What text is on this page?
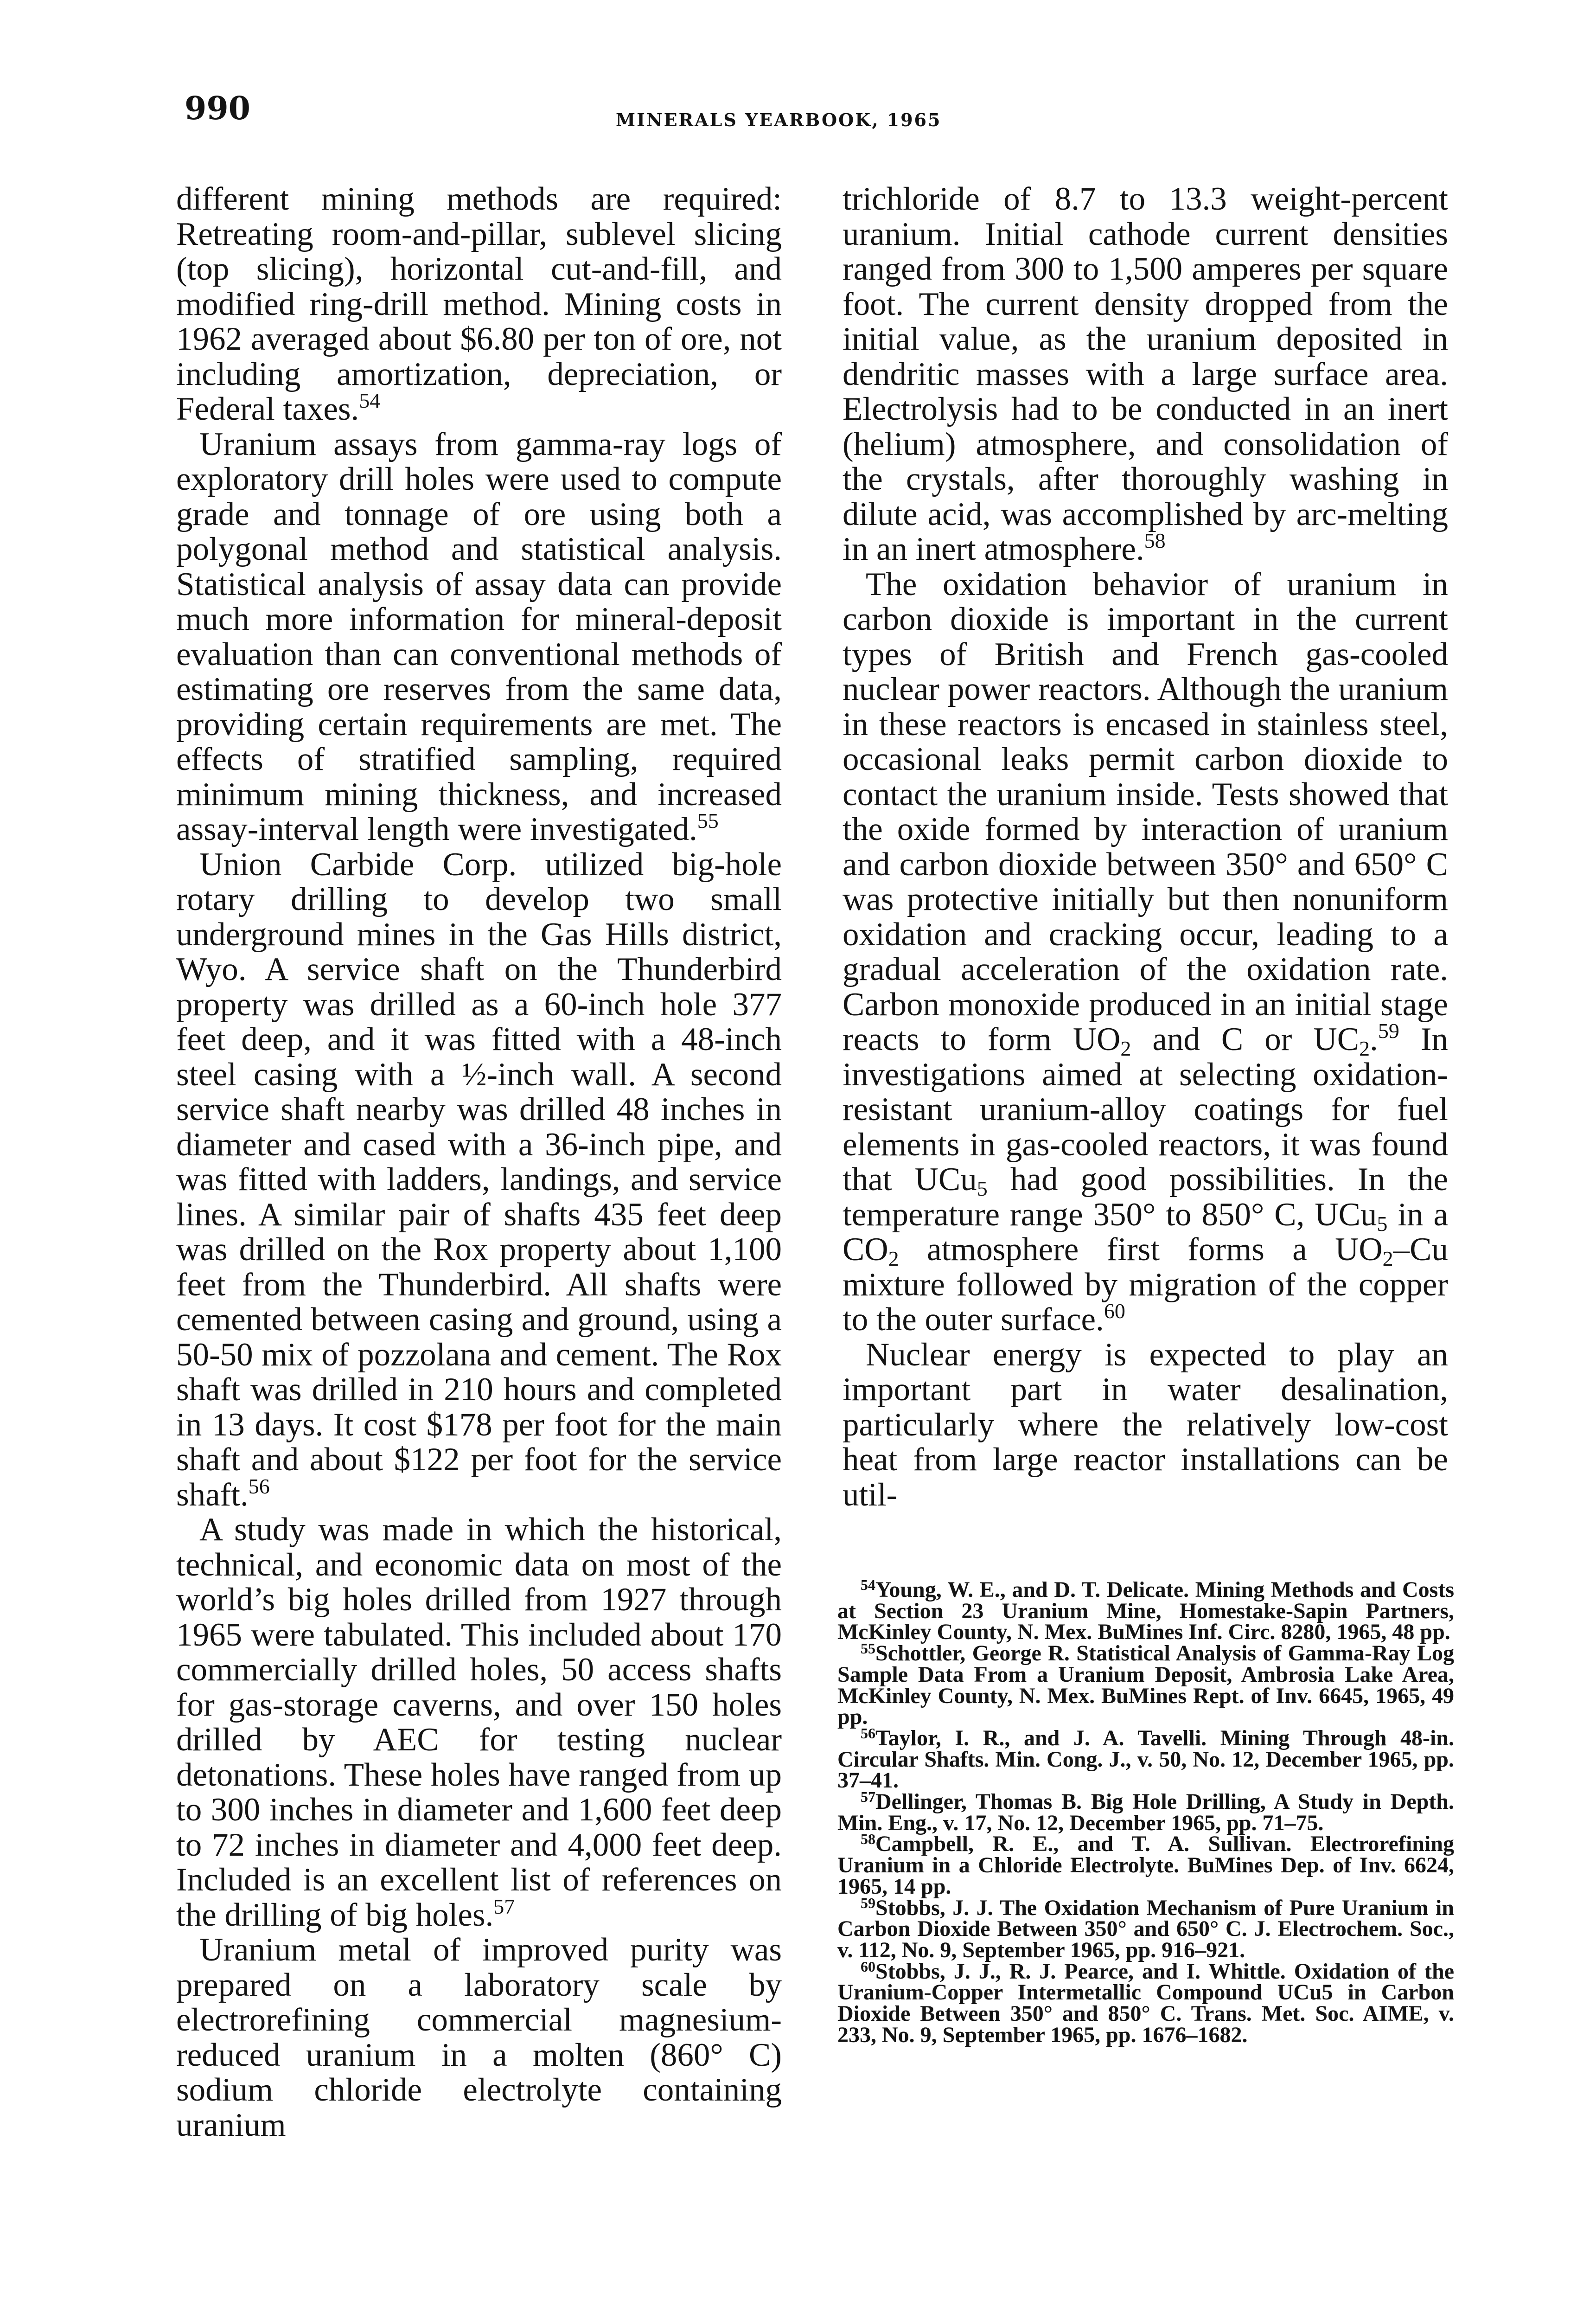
990	MINERALS YEARBOOK, 1965

different mining methods are required: Retreating room-and-pillar, sublevel slicing (top slicing), horizontal cut-and-fill, and modified ring-drill method. Mining costs in 1962 averaged about $6.80 per ton of ore, not including amortization, depreciation, or Federal taxes.$^{54}$

Uranium assays from gamma-ray logs of exploratory drill holes were used to compute grade and tonnage of ore using both a polygonal method and statistical analysis. Statistical analysis of assay data can provide much more information for mineral-deposit evaluation than can conventional methods of estimating ore reserves from the same data, providing certain requirements are met. The effects of stratified sampling, required minimum mining thickness, and increased assay-interval length were investigated.$^{55}$

Union Carbide Corp. utilized big-hole rotary drilling to develop two small underground mines in the Gas Hills district, Wyo. A service shaft on the Thunderbird property was drilled as a 60-inch hole 377 feet deep, and it was fitted with a 48-inch steel casing with a ½-inch wall. A second service shaft nearby was drilled 48 inches in diameter and cased with a 36-inch pipe, and was fitted with ladders, landings, and service lines. A similar pair of shafts 435 feet deep was drilled on the Rox property about 1,100 feet from the Thunderbird. All shafts were cemented between casing and ground, using a 50-50 mix of pozzolana and cement. The Rox shaft was drilled in 210 hours and completed in 13 days. It cost $178 per foot for the main shaft and about $122 per foot for the service shaft.$^{56}$

A study was made in which the historical, technical, and economic data on most of the world’s big holes drilled from 1927 through 1965 were tabulated. This included about 170 commercially drilled holes, 50 access shafts for gas-storage caverns, and over 150 holes drilled by AEC for testing nuclear detonations. These holes have ranged from up to 300 inches in diameter and 1,600 feet deep to 72 inches in diameter and 4,000 feet deep. Included is an excellent list of references on the drilling of big holes.$^{57}$

Uranium metal of improved purity was prepared on a laboratory scale by electrorefining commercial magnesium-reduced uranium in a molten (860° C) sodium chloride electrolyte containing uranium

trichloride of 8.7 to 13.3 weight-percent uranium. Initial cathode current densities ranged from 300 to 1,500 amperes per square foot. The current density dropped from the initial value, as the uranium deposited in dendritic masses with a large surface area. Electrolysis had to be conducted in an inert (helium) atmosphere, and consolidation of the crystals, after thoroughly washing in dilute acid, was accomplished by arc-melting in an inert atmosphere.$^{58}$

The oxidation behavior of uranium in carbon dioxide is important in the current types of British and French gas-cooled nuclear power reactors. Although the uranium in these reactors is encased in stainless steel, occasional leaks permit carbon dioxide to contact the uranium inside. Tests showed that the oxide formed by interaction of uranium and carbon dioxide between 350° and 650° C was protective initially but then nonuniform oxidation and cracking occur, leading to a gradual acceleration of the oxidation rate. Carbon monoxide produced in an initial stage reacts to form $UO_2$ and C or $UC_2.^{59}$ In investigations aimed at selecting oxidation-resistant uranium-alloy coatings for fuel elements in gas-cooled reactors, it was found that UCu$_5$ had good possibilities. In the temperature range 350° to 850° C, UCu$_5$ in a $CO_2$ atmosphere first forms a $UO_2-Cu$ mixture followed by migration of the copper to the outer surface.$^{60}$

Nuclear energy is expected to play an important part in water desalination, particularly where the relatively low-cost heat from large reactor installations can be util-

$^{54}$Young, W. E., and D. T. Delicate. Mining Methods and Costs at Section 23 Uranium Mine, Homestake-Sapin Partners, McKinley County, N. Mex. BuMines Inf. Circ. 8280, 1965, 48 pp.

$^{55}$Schottler, George R. Statistical Analysis of Gamma-Ray Log Sample Data From a Uranium Deposit, Ambrosia Lake Area, McKinley County, N. Mex. BuMines Rept. of Inv. 6645, 1965, 49 pp.

$^{56}$Taylor, I. R., and J. A. Tavelli. Mining Through 48-in. Circular Shafts. Min. Cong. J., v. 50, No. 12, December 1965, pp. 37–41.

$^{57}$Dellinger, Thomas B. Big Hole Drilling, A Study in Depth. Min. Eng., v. 17, No. 12, December 1965, pp. 71–75.

$^{58}$Campbell, R. E., and T. A. Sullivan. Electrorefining Uranium in a Chloride Electrolyte. BuMines Dep. of Inv. 6624, 1965, 14 pp.

$^{59}$Stobbs, J. J. The Oxidation Mechanism of Pure Uranium in Carbon Dioxide Between 350° and 650° C. J. Electrochem. Soc., v. 112, No. 9, September 1965, pp. 916–921.

$^{60}$Stobbs, J. J., R. J. Pearce, and I. Whittle. Oxidation of the Uranium-Copper Intermetallic Compound UCu5 in Carbon Dioxide Between 350° and 850° C. Trans. Met. Soc. AIME, v. 233, No. 9, September 1965, pp. 1676–1682.
